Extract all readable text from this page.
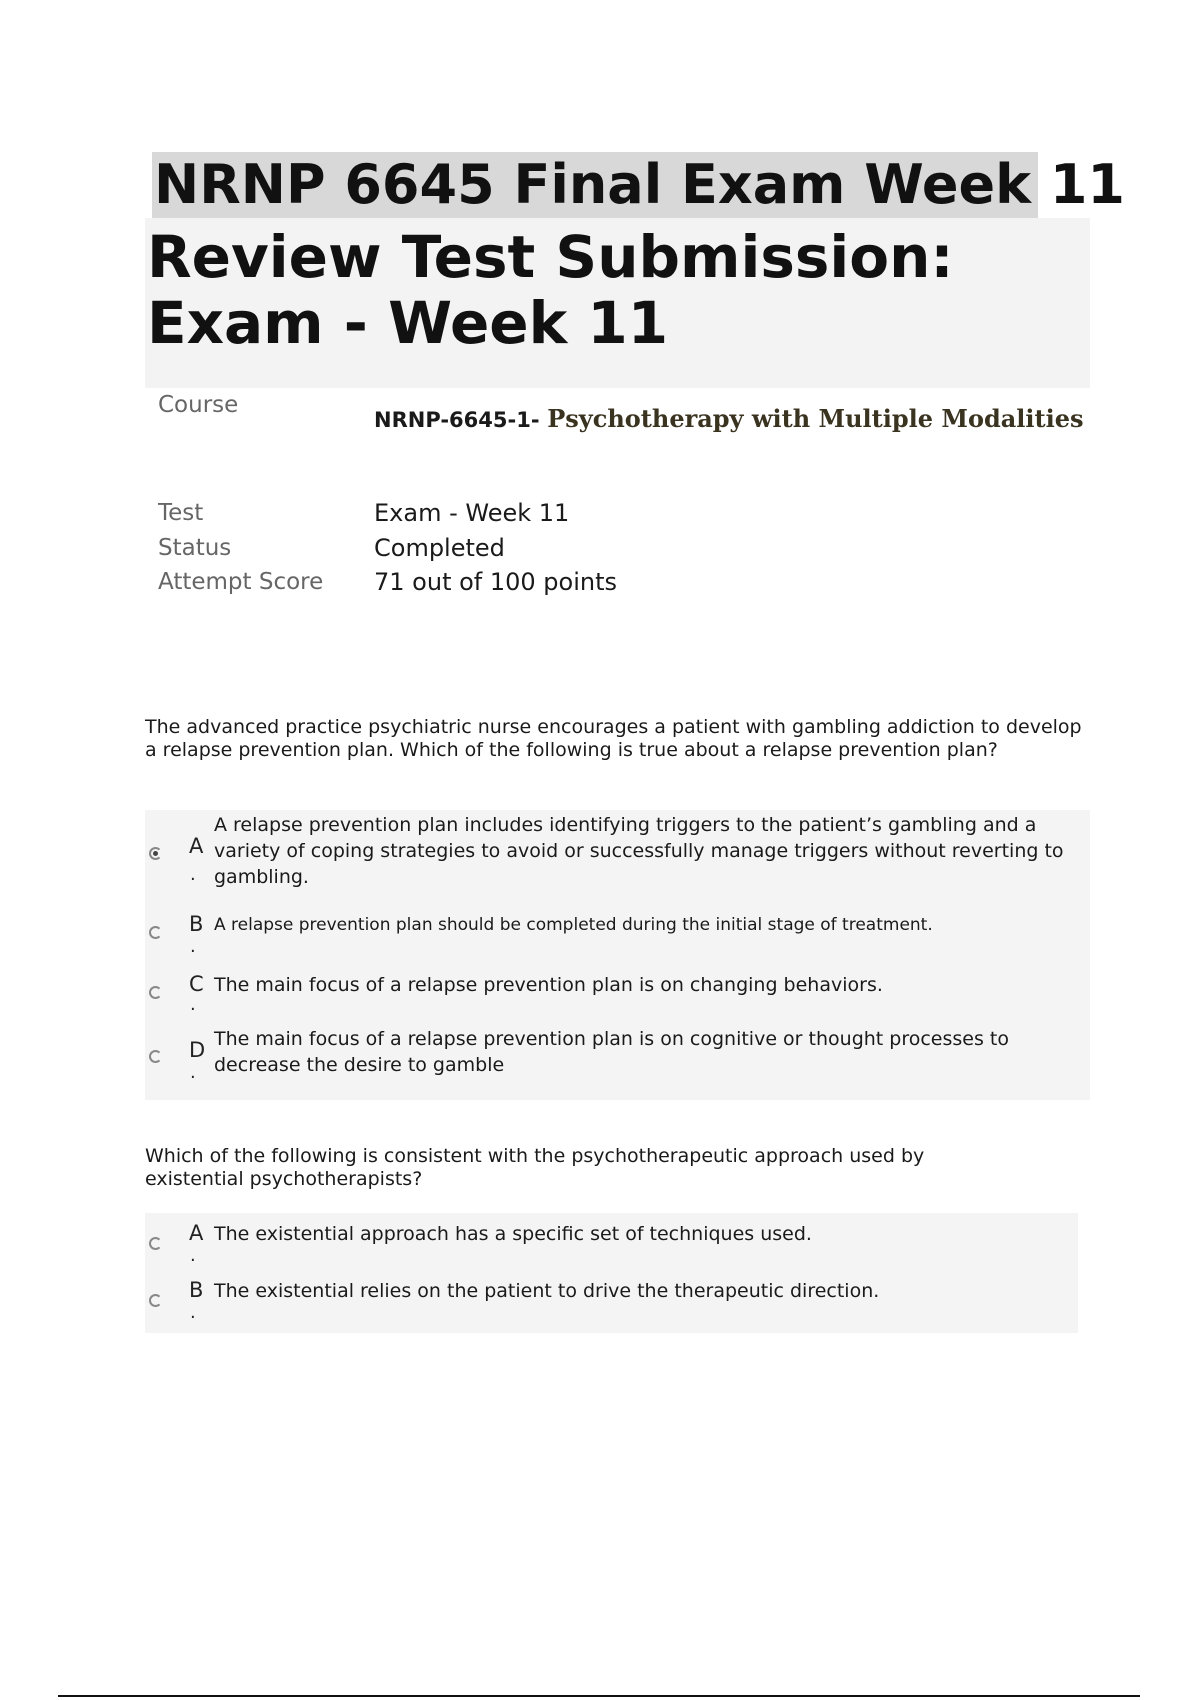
NRNP 6645 Final Exam Week 11
Review Test Submission:
Exam - Week 11
Course
NRNP-6645-1- Psychotherapy with Multiple Modalities
Test	Exam - Week 11
Status	Completed
Attempt Score 71 out of 100 points
The advanced practice psychiatric nurse encourages a patient with gambling addiction to develop a relapse prevention plan. Which of the following is true about a relapse prevention plan?
A
.
A relapse prevention plan includes identifying triggers to the patient’s gambling and a variety of coping strategies to avoid or successfully manage triggers without reverting to gambling.
B
.
A relapse prevention plan should be completed during the initial stage of treatment.
C
.
The main focus of a relapse prevention plan is on changing behaviors.
D
.
The main focus of a relapse prevention plan is on cognitive or thought processes to decrease the desire to gamble
Which of the following is consistent with the psychotherapeutic approach used by existential psychotherapists?
A
.
The existential approach has a specific set of techniques used.
B
.
The existential relies on the patient to drive the therapeutic direction.
